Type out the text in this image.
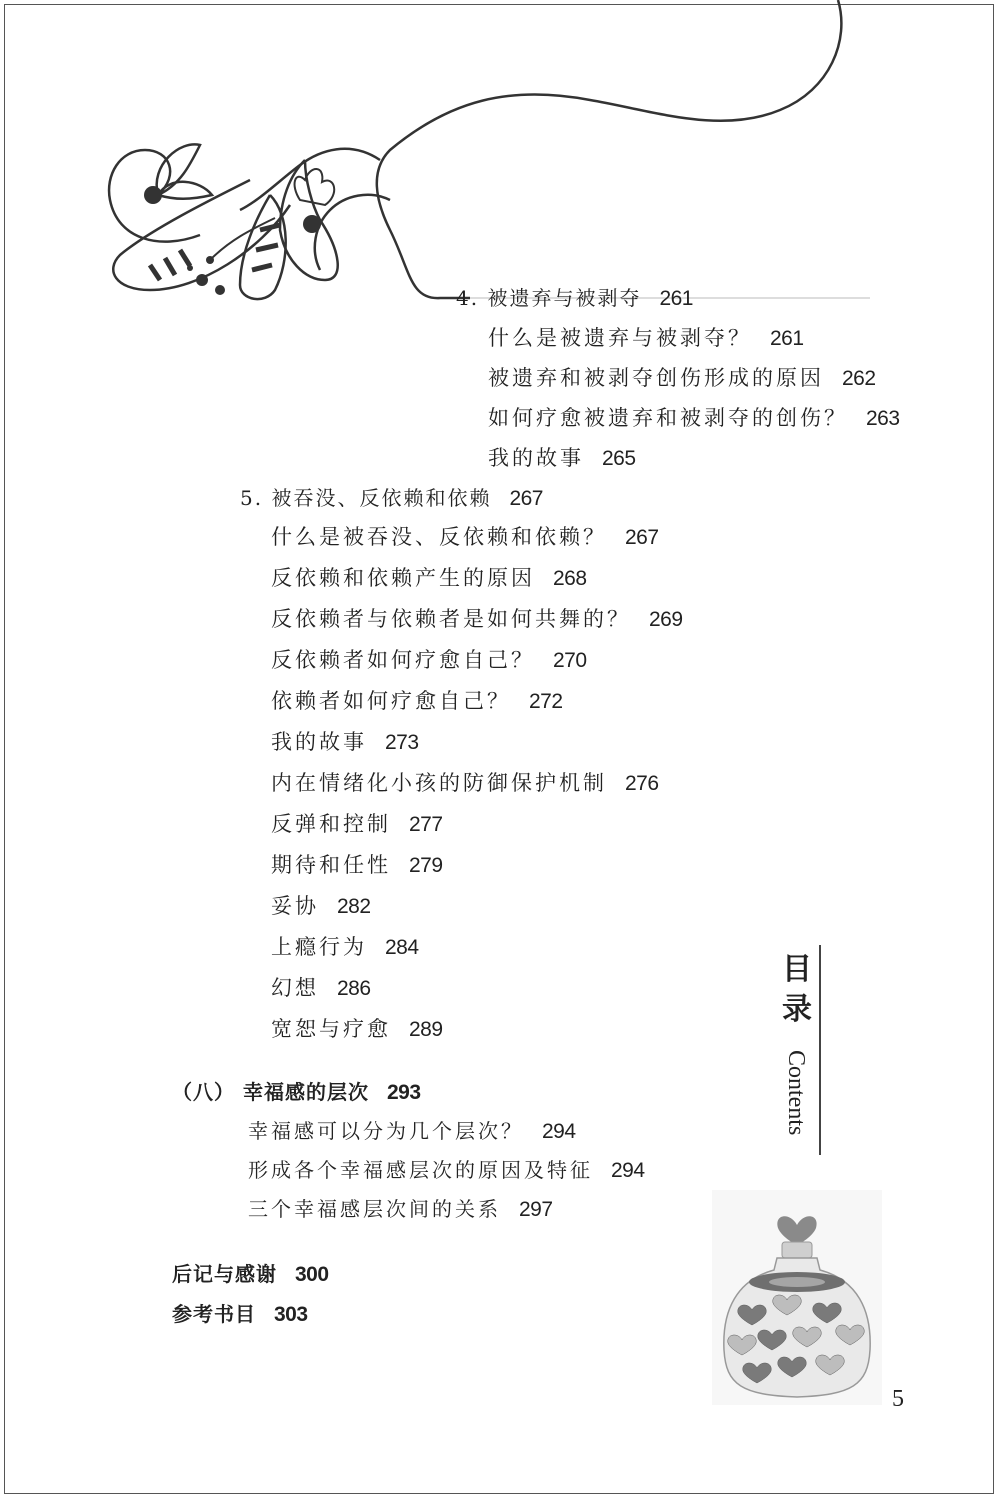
4. 被遗弃与被剥夺 261
什么是被遗弃与被剥夺？ 261
被遗弃和被剥夺创伤形成的原因 262
如何疗愈被遗弃和被剥夺的创伤？ 263
我的故事 265
5. 被吞没、反依赖和依赖 267
什么是被吞没、反依赖和依赖？ 267
反依赖和依赖产生的原因 268
反依赖者与依赖者是如何共舞的？ 269
反依赖者如何疗愈自己？ 270
依赖者如何疗愈自己？ 272
我的故事 273
内在情绪化小孩的防御保护机制 276
反弹和控制 277
期待和任性 279
妥协 282
上瘾行为 284
幻想 286
宽恕与疗愈 289
（八） 幸福感的层次 293
幸福感可以分为几个层次？ 294
形成各个幸福感层次的原因及特征 294
三个幸福感层次间的关系 297
后记与感谢 300
参考书目 303
目
录
Contents
5
